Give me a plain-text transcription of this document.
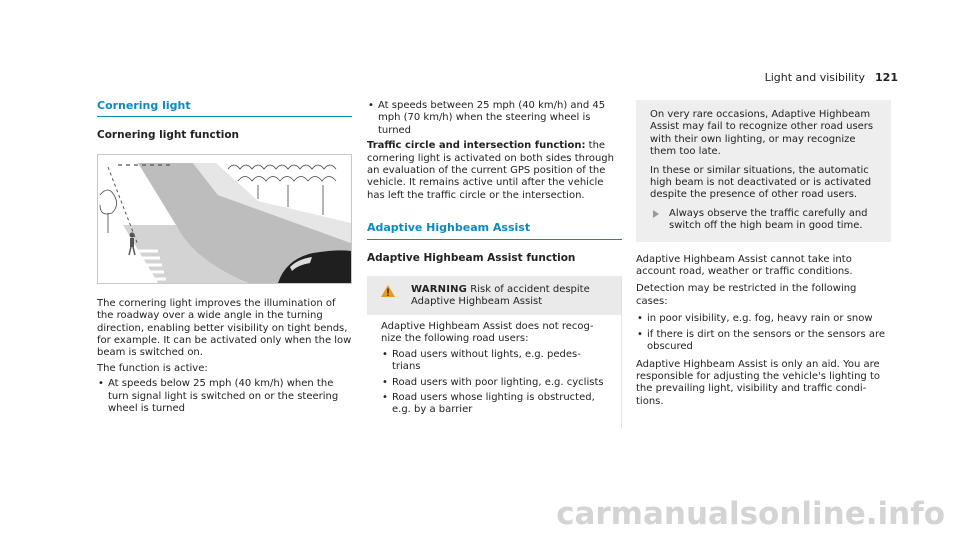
Light and visibility 121
Cornering light
Cornering light function

The cornering light improves the illumination of the roadway over a wide angle in the turning direction, enabling better visibility on tight bends, for example. It can be activated only when the low beam is switched on.

The function is active:

• At speeds below 25 mph (40 km/h) when the turn signal light is switched on or the steering wheel is turned
• At speeds between 25 mph (40 km/h) and 45 mph (70 km/h) when the steering wheel is turned

Traffic circle and intersection function: the cornering light is activated on both sides through an evaluation of the current GPS position of the vehicle. It remains active until after the vehicle has left the traffic circle or the intersection.

Adaptive Highbeam Assist
Adaptive Highbeam Assist function
WARNING Risk of accident despite
Adaptive Highbeam Assist

Adaptive Highbeam Assist does not recog- nize the following road users:

• Road users without lights, e.g. pedes- trians
• Road users with poor lighting, e.g. cyclists
• Road users whose lighting is obstructed, e.g. by a barrier

On very rare occasions, Adaptive Highbeam Assist may fail to recognize other road users with their own lighting, or may recognize them too late.

In these or similar situations, the automatic high beam is not deactivated or is activated despite the presence of other road users.

Always observe the traffic carefully and switch off the high beam in good time.

Adaptive Highbeam Assist cannot take into account road, weather or traffic conditions.

Detection may be restricted in the following cases:

• in poor visibility, e.g. fog, heavy rain or snow
• if there is dirt on the sensors or the sensors are obscured

Adaptive Highbeam Assist is only an aid. You are responsible for adjusting the vehicle's lighting to the prevailing light, visibility and traffic condi- tions.

carmanualsonline.info
